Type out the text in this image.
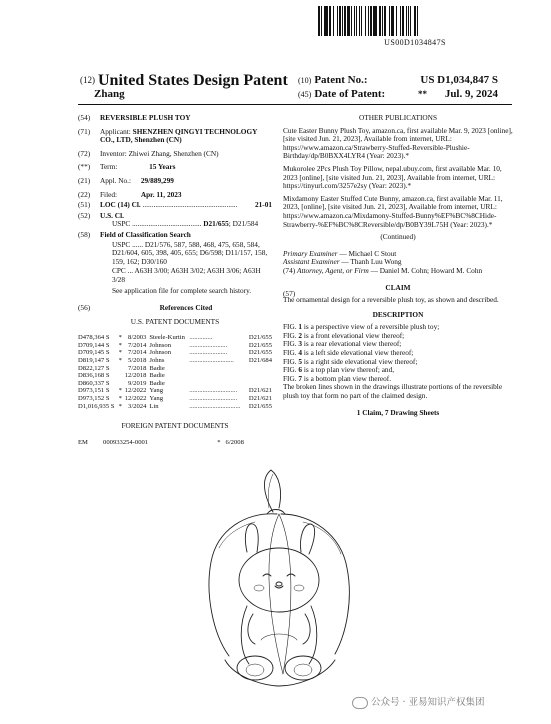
US00D1034847S
(12) United States Design Patent
Zhang
(10) Patent No.:	US D1,034,847 S
(45) Date of Patent:	** Jul. 9, 2024
(54) REVERSIBLE PLUSH TOY
(71) Applicant: SHENZHEN QINGYI TECHNOLOGY CO., LTD, Shenzhen (CN)
(72) Inventor: Zhiwei Zhang, Shenzhen (CN)
(**) Term:	15 Years
(21) Appl. No.: 29/889,299
(22) Filed:	Apr. 11, 2023
(51) LOC (14) Cl. .................................................... 21-01
(52) U.S. Cl.
USPC ...................................... D21/655; D21/584
(58) Field of Classification Search
USPC ...... D21/576, 587, 588, 468, 475, 658, 584, D21/604, 605, 398, 405, 655; D6/598; D11/157, 158, 159, 162; D30/160
CPC ... A63H 3/00; A63H 3/02; A63H 3/06; A63H 3/28
See application file for complete search history.
(56)	References Cited
U.S. PATENT DOCUMENTS
D478,364 S	*	8/2003	Steele-Kurtin	..............	D21/655
D709,144 S	*	7/2014	Johnson	.......................	D21/655
D709,145 S	*	7/2014	Johnson	.......................	D21/655
D819,147 S	*	5/2018	Johns	...........................	D21/684
D822,127 S		7/2018	Badie		
D836,168 S		12/2018	Badie		
D860,337 S		9/2019	Badie		
D973,151 S	*	12/2022	Yang	.............................	D21/621
D973,152 S	*	12/2022	Yang	.............................	D21/621
D1,016,935 S	*	3/2024	Lin	...............................	D21/655
FOREIGN PATENT DOCUMENTS
EM	000933254-0001	*	6/2008
OTHER PUBLICATIONS

Cute Easter Bunny Plush Toy, amazon.ca, first available Mar. 9, 2023 [online], [site visited Jun. 21, 2023], Available from internet, URL: https://www.amazon.ca/Strawberry-Stuffed-Reversible-Plushie-Birthday/dp/B0BXX4LYR4 (Year: 2023).*

Mukorolee 2Pcs Plush Toy Pillow, nepal.ubuy.com, first available Mar. 10, 2023 [online], [site visited Jun. 21, 2023], Available from internet, URL: https://tinyurl.com/3257e2sy (Year: 2023).*

Mixdamony Easter Stuffed Cute Bunny, amazon.ca, first available Mar. 11, 2023, [online], [site visited Jun. 21, 2023], Available from internet, URL: https://www.amazon.ca/Mixdamony-Stuffed-Bunny%EF%BC%8CHide-Strawberry-%EF%BC%8CReversible/dp/B0BY39L75H (Year: 2023).*

(Continued)
Primary Examiner — Michael C Stout
Assistant Examiner — Thanh Luu Wong
(74) Attorney, Agent, or Firm — Daniel M. Cohn; Howard M. Cohn
(57)
CLAIM
The ornamental design for a reversible plush toy, as shown and described.
DESCRIPTION
FIG. 1 is a perspective view of a reversible plush toy;
FIG. 2 is a front elevational view thereof;
FIG. 3 is a rear elevational view thereof;
FIG. 4 is a left side elevational view thereof;
FIG. 5 is a right side elevational view thereof;
FIG. 6 is a top plan view thereof; and,
FIG. 7 is a bottom plan view thereof.
The broken lines shown in the drawings illustrate portions of the reversible plush toy that form no part of the claimed design.
1 Claim, 7 Drawing Sheets
公众号 · 亚易知识产权集团
